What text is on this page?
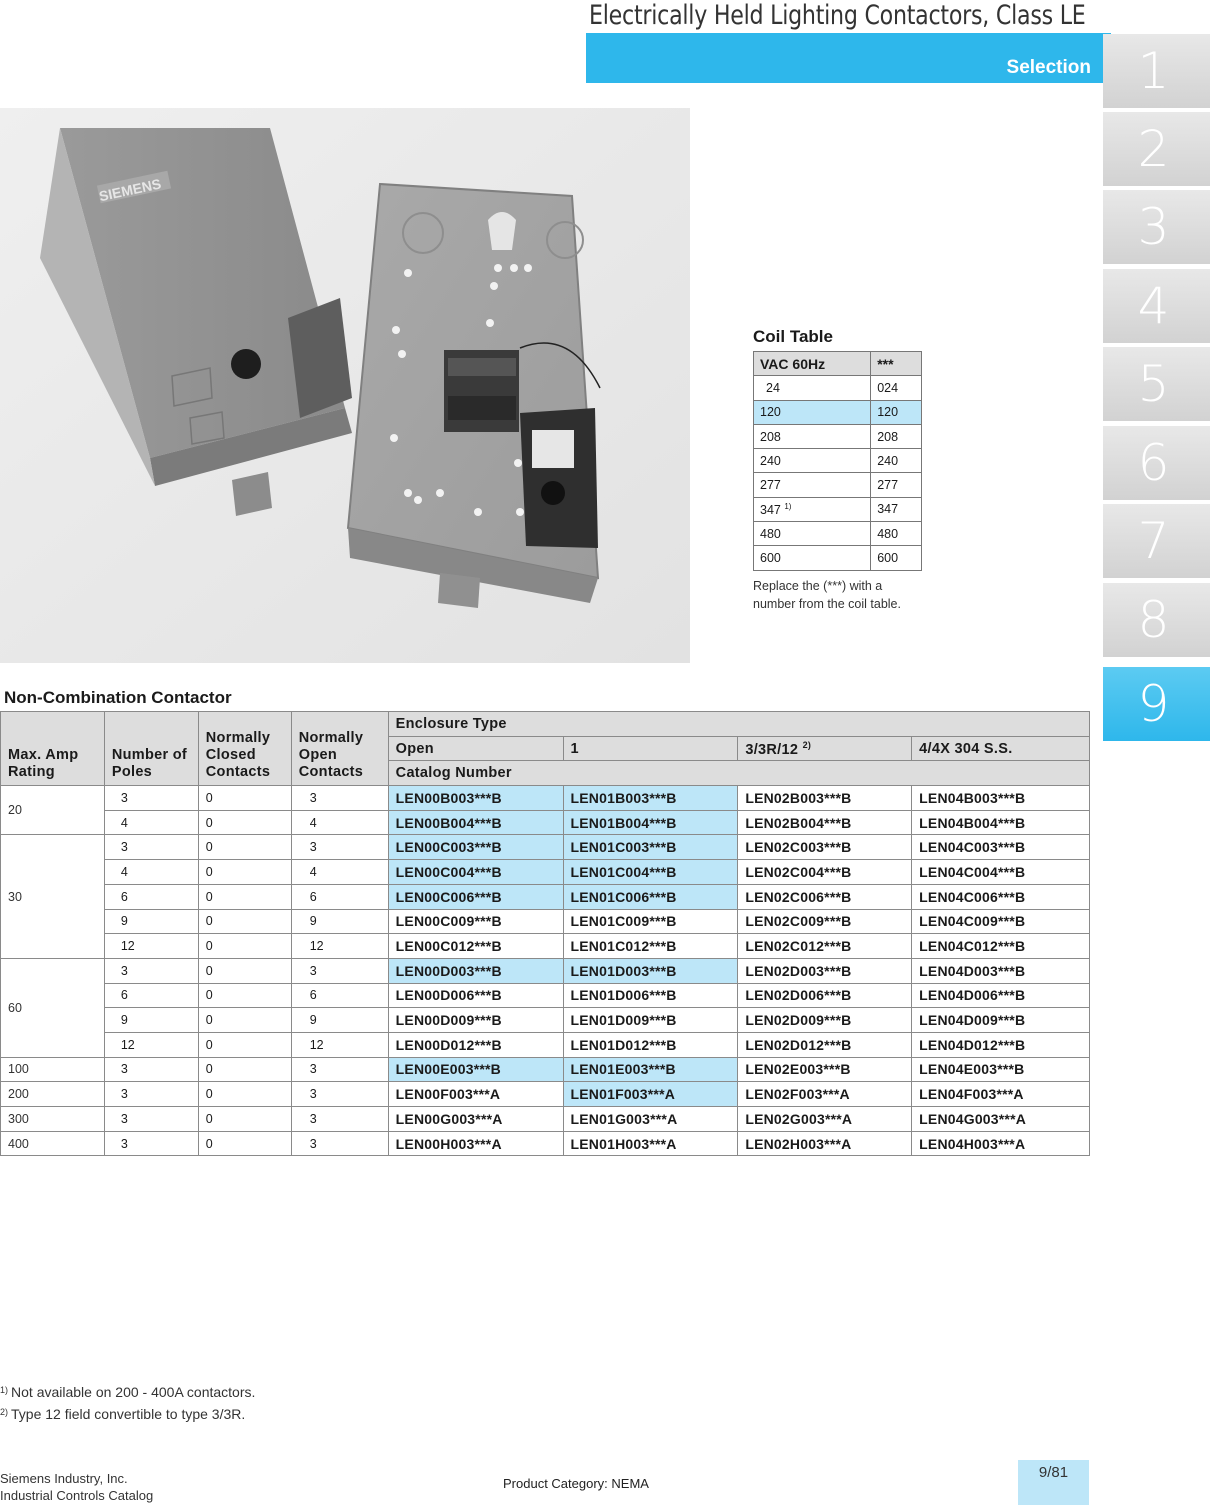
Electrically Held Lighting Contactors, Class LE
Selection 1
2
3
4
5
6
7
8
9
SIEMENS
Coil Table
VAC 60Hz	***
24	024
120	120
208	208
240	240
277	277
347 $^{1)}$	347
480	480
600	600
Replace the (***) with a number from the coil table.
Non-Combination Contactor
Max. Amp Rating	Number of Poles	Normally Closed Contacts	Normally Open Contacts	Enclosure Type			
				Open	1	3/3R/12 $^{2)}$	4/4X 304 S.S.
				Catalog Number			
20	3	0	3	LEN00B003***B	LEN01B003***B	LEN02B003***B	LEN04B003***B
	4	0	4	LEN00B004***B	LEN01B004***B	LEN02B004***B	LEN04B004***B
30	3	0	3	LEN00C003***B	LEN01C003***B	LEN02C003***B	LEN04C003***B
	4	0	4	LEN00C004***B	LEN01C004***B	LEN02C004***B	LEN04C004***B
	6	0	6	LEN00C006***B	LEN01C006***B	LEN02C006***B	LEN04C006***B
	9	0	9	LEN00C009***B	LEN01C009***B	LEN02C009***B	LEN04C009***B
	12	0	12	LEN00C012***B	LEN01C012***B	LEN02C012***B	LEN04C012***B
60	3	0	3	LEN00D003***B	LEN01D003***B	LEN02D003***B	LEN04D003***B
	6	0	6	LEN00D006***B	LEN01D006***B	LEN02D006***B	LEN04D006***B
	9	0	9	LEN00D009***B	LEN01D009***B	LEN02D009***B	LEN04D009***B
	12	0	12	LEN00D012***B	LEN01D012***B	LEN02D012***B	LEN04D012***B
100	3	0	3	LEN00E003***B	LEN01E003***B	LEN02E003***B	LEN04E003***B
200	3	0	3	LEN00F003***A	LEN01F003***A	LEN02F003***A	LEN04F003***A
300	3	0	3	LEN00G003***A	LEN01G003***A	LEN02G003***A	LEN04G003***A
400	3	0	3	LEN00H003***A	LEN01H003***A	LEN02H003***A	LEN04H003***A
$^{1)}$ Not available on 200 - 400A contactors.
$^{2)}$ Type 12 field convertible to type 3/3R.
Siemens Industry, Inc.
Industrial Controls Catalog
Product Category: NEMA
9/81
